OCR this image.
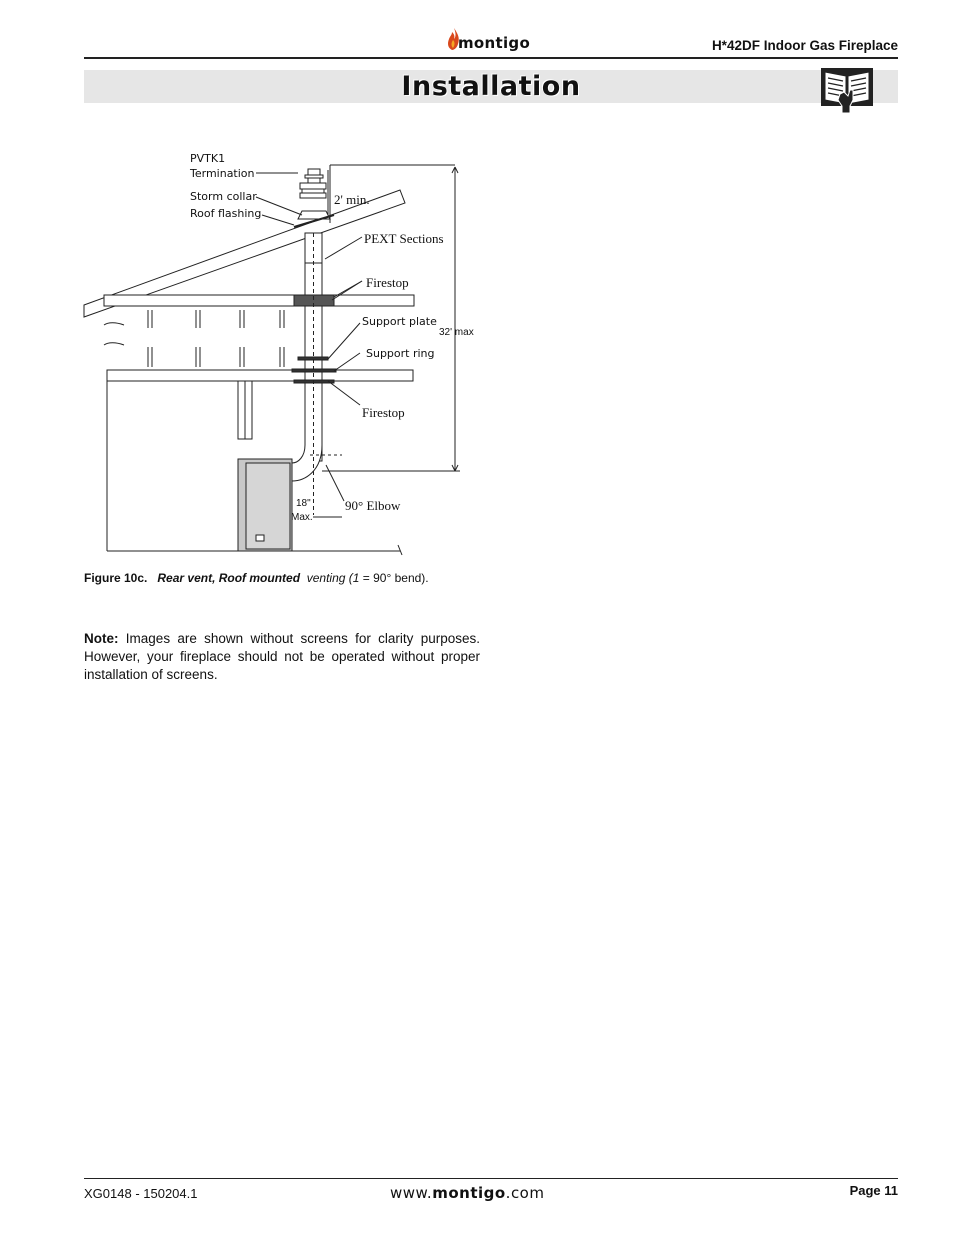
montigo	H*42DF Indoor Gas Fireplace
Installation
PVTK1
Termination
Storm collar
Roof flashing
2' min.
PEXT Sections
Firestop
Support plate
32' max
Support ring
Firestop
18"
Max.
90° Elbow
Figure 10c. Rear vent, Roof mounted venting (1 = 90° bend).
Note: Images are shown without screens for clarity purposes. However, your fireplace should not be operated without proper installation of screens.
XG0148 - 150204.1	www.montigo.com	Page 11
